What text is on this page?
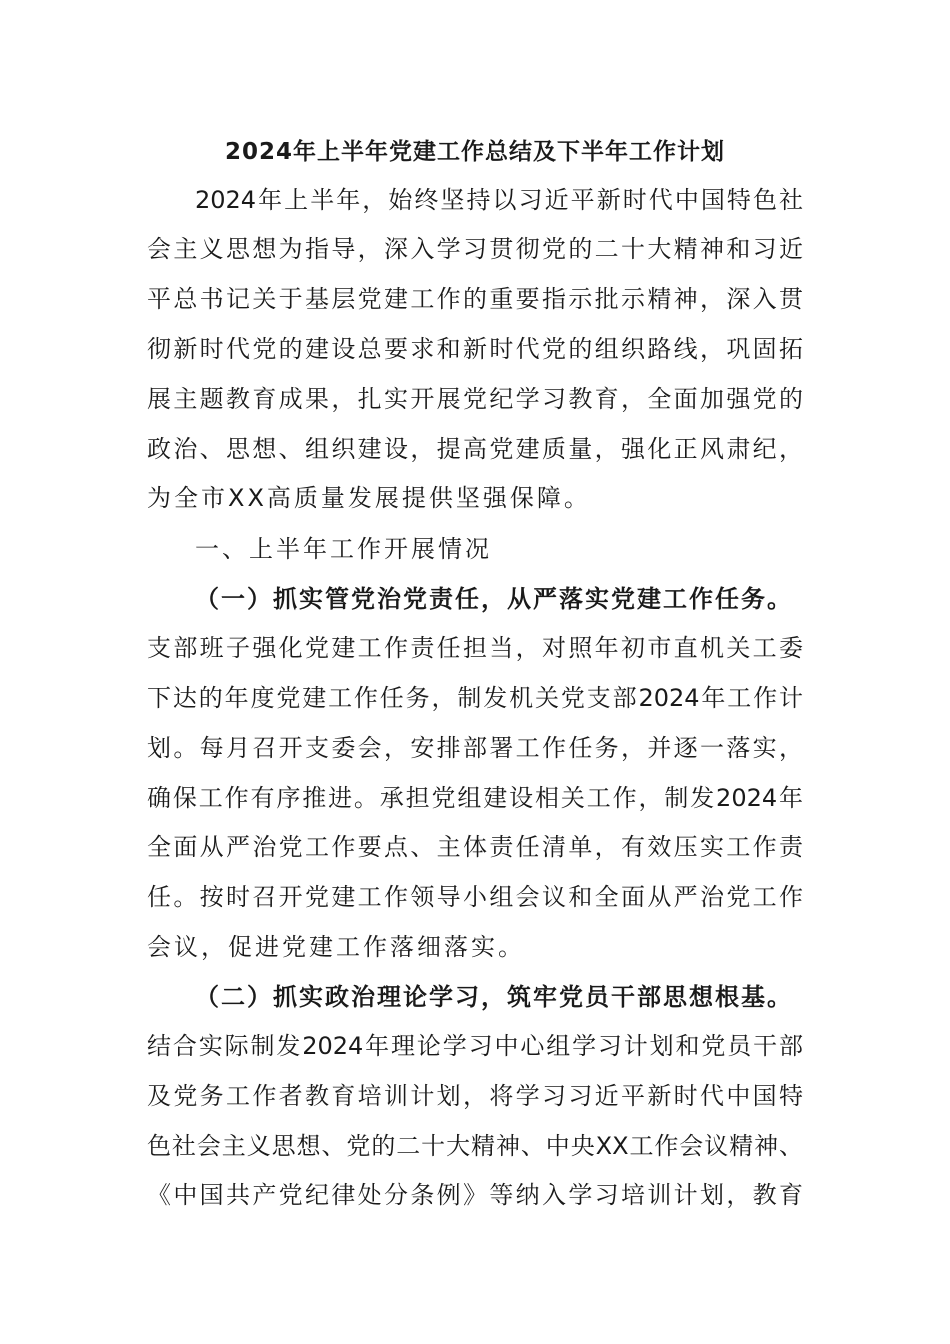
2024年上半年党建工作总结及下半年工作计划
2024年上半年，始终坚持以习近平新时代中国特色社
会主义思想为指导，深入学习贯彻党的二十大精神和习近
平总书记关于基层党建工作的重要指示批示精神，深入贯
彻新时代党的建设总要求和新时代党的组织路线，巩固拓
展主题教育成果，扎实开展党纪学习教育，全面加强党的
政治、思想、组织建设，提高党建质量，强化正风肃纪，
为全市XX高质量发展提供坚强保障。
一、上半年工作开展情况
（一）抓实管党治党责任，从严落实党建工作任务。
支部班子强化党建工作责任担当，对照年初市直机关工委
下达的年度党建工作任务，制发机关党支部2024年工作计
划。每月召开支委会，安排部署工作任务，并逐一落实，
确保工作有序推进。承担党组建设相关工作，制发2024年
全面从严治党工作要点、主体责任清单，有效压实工作责
任。按时召开党建工作领导小组会议和全面从严治党工作
会议，促进党建工作落细落实。
（二）抓实政治理论学习，筑牢党员干部思想根基。
结合实际制发2024年理论学习中心组学习计划和党员干部
及党务工作者教育培训计划，将学习习近平新时代中国特
色社会主义思想、党的二十大精神、中央XX工作会议精神、
《中国共产党纪律处分条例》等纳入学习培训计划，教育
